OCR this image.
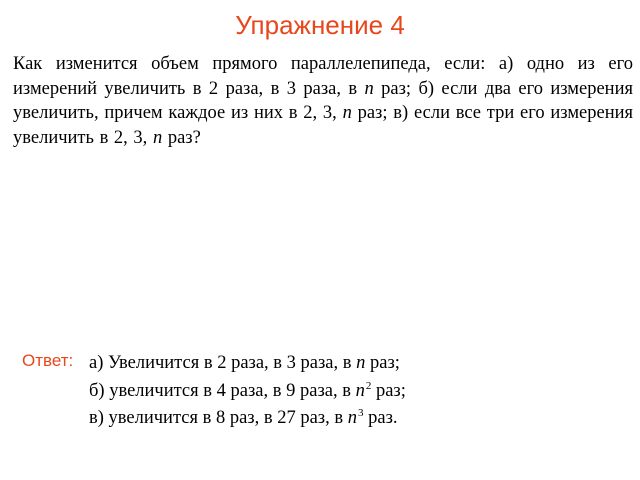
Упражнение 4
Как изменится объем прямого параллелепипеда, если: а) одно из его измерений увеличить в 2 раза, в 3 раза, в n раз; б) если два его измерения увеличить, причем каждое из них в 2, 3, n раз; в) если все три его измерения увеличить в 2, 3, n раз?
Ответ: а) Увеличится в 2 раза, в 3 раза, в n раз;
б) увеличится в 4 раза, в 9 раза, в $n^2$ раз;
в) увеличится в 8 раз, в 27 раз, в $n^3$ раз.
